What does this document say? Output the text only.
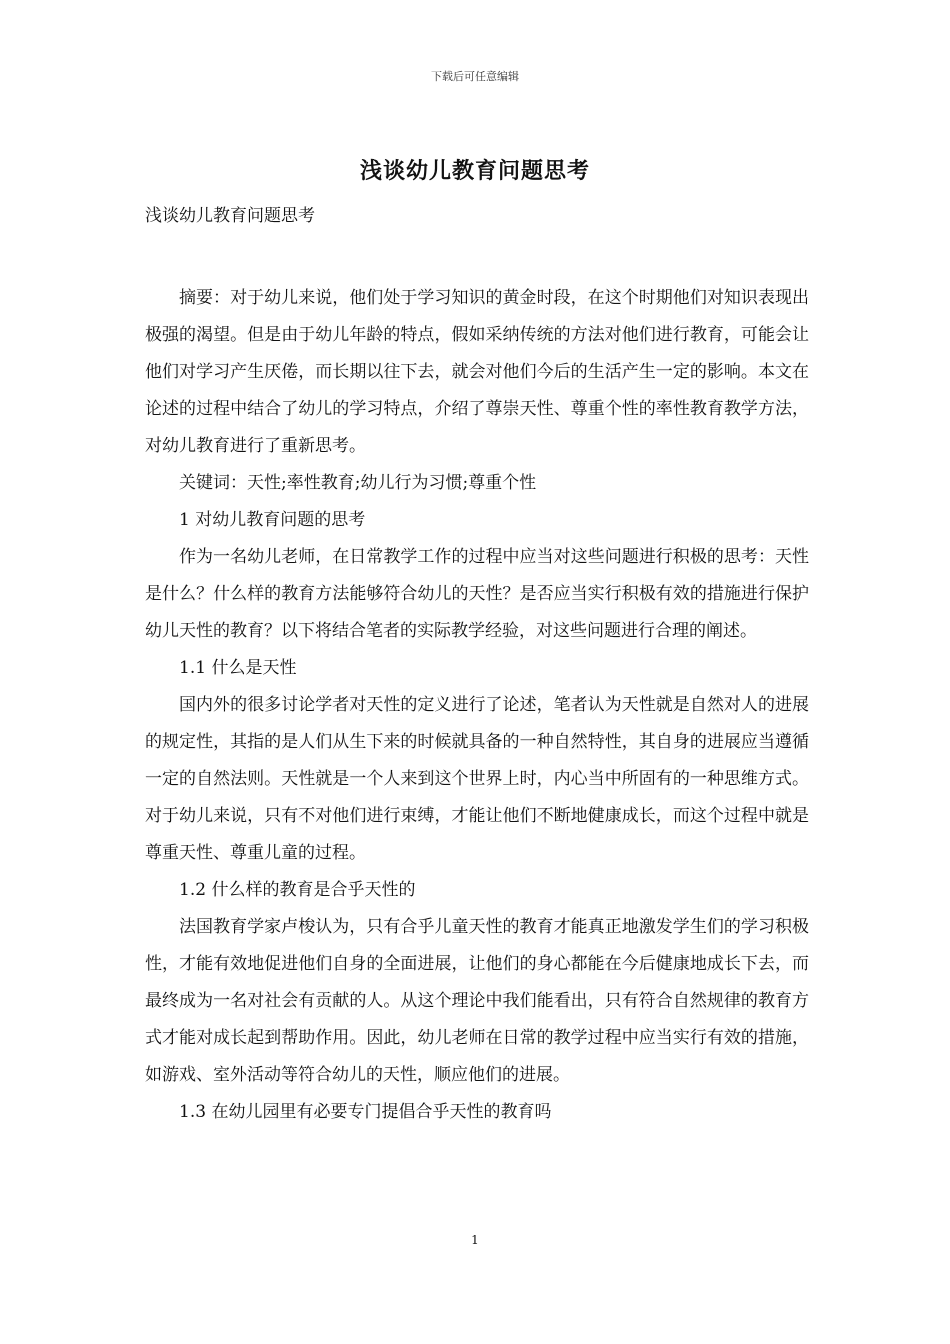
下载后可任意编辑
浅谈幼儿教育问题思考

浅谈幼儿教育问题思考

摘要：对于幼儿来说，他们处于学习知识的黄金时段，在这个时期他们对知识表现出极强的渴望。但是由于幼儿年龄的特点，假如采纳传统的方法对他们进行教育，可能会让他们对学习产生厌倦，而长期以往下去，就会对他们今后的生活产生一定的影响。本文在论述的过程中结合了幼儿的学习特点，介绍了尊崇天性、尊重个性的率性教育教学方法，对幼儿教育进行了重新思考。

关键词：天性;率性教育;幼儿行为习惯;尊重个性

1 对幼儿教育问题的思考

作为一名幼儿老师，在日常教学工作的过程中应当对这些问题进行积极的思考：天性是什么？什么样的教育方法能够符合幼儿的天性？是否应当实行积极有效的措施进行保护幼儿天性的教育？以下将结合笔者的实际教学经验，对这些问题进行合理的阐述。

1.1 什么是天性

国内外的很多讨论学者对天性的定义进行了论述，笔者认为天性就是自然对人的进展的规定性，其指的是人们从生下来的时候就具备的一种自然特性，其自身的进展应当遵循一定的自然法则。天性就是一个人来到这个世界上时，内心当中所固有的一种思维方式。对于幼儿来说，只有不对他们进行束缚，才能让他们不断地健康成长，而这个过程中就是尊重天性、尊重儿童的过程。

1.2 什么样的教育是合乎天性的

法国教育学家卢梭认为，只有合乎儿童天性的教育才能真正地激发学生们的学习积极性，才能有效地促进他们自身的全面进展，让他们的身心都能在今后健康地成长下去，而最终成为一名对社会有贡献的人。从这个理论中我们能看出，只有符合自然规律的教育方式才能对成长起到帮助作用。因此，幼儿老师在日常的教学过程中应当实行有效的措施，如游戏、室外活动等符合幼儿的天性，顺应他们的进展。

1.3 在幼儿园里有必要专门提倡合乎天性的教育吗

1
